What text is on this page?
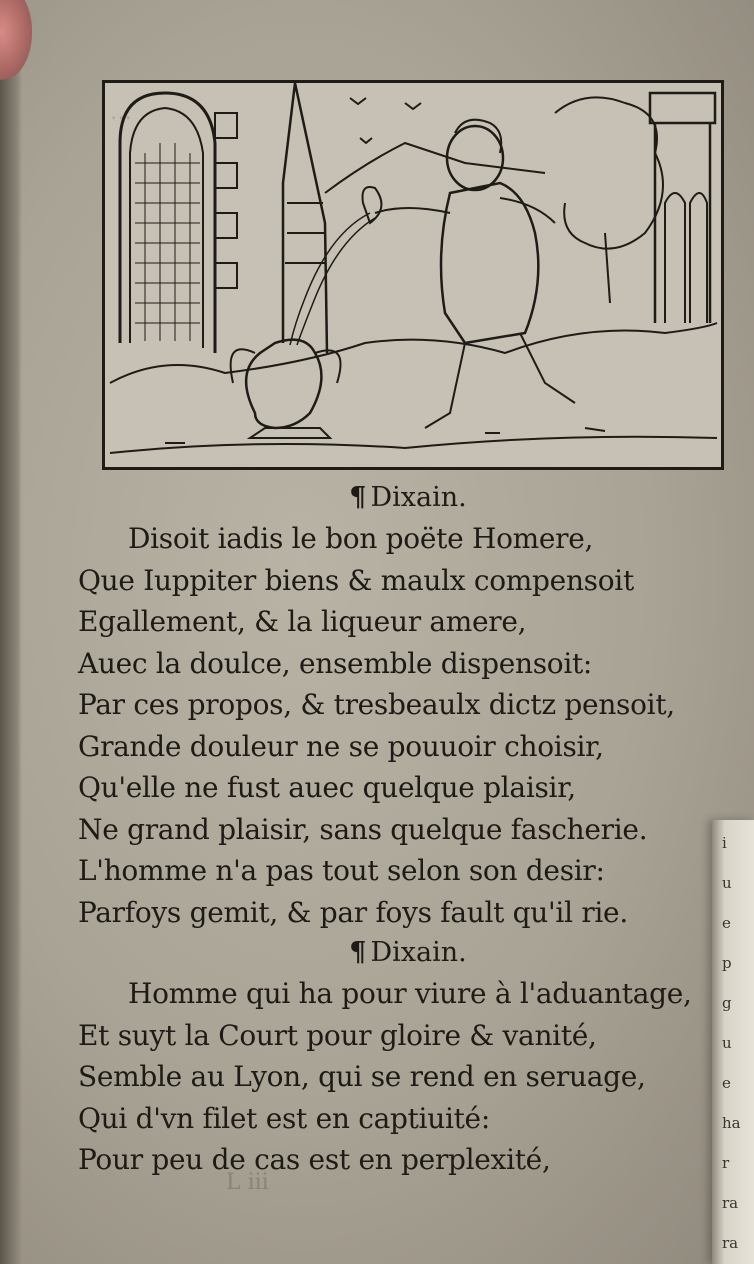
…
¶ Dixain.
Disoit iadis le bon poëte Homere,
Que Iuppiter biens & maulx compensoit
Egallement, & la liqueur amere,
Auec la doulce, ensemble dispensoit:
Par ces propos, & tresbeaulx dictz pensoit,
Grande douleur ne se pouuoir choisir,
Qu'elle ne fust auec quelque plaisir,
Ne grand plaisir, sans quelque fascherie.
L'homme n'a pas tout selon son desir:
Parfoys gemit, & par foys fault qu'il rie.
¶ Dixain.
Homme qui ha pour viure à l'aduantage,
Et suyt la Court pour gloire & vanité,
Semble au Lyon, qui se rend en seruage,
Qui d'vn filet est en captiuité:
Pour peu de cas est en perplexité,
L iii
i
u
e
p
g
u
e
ha
r
ra
ra
